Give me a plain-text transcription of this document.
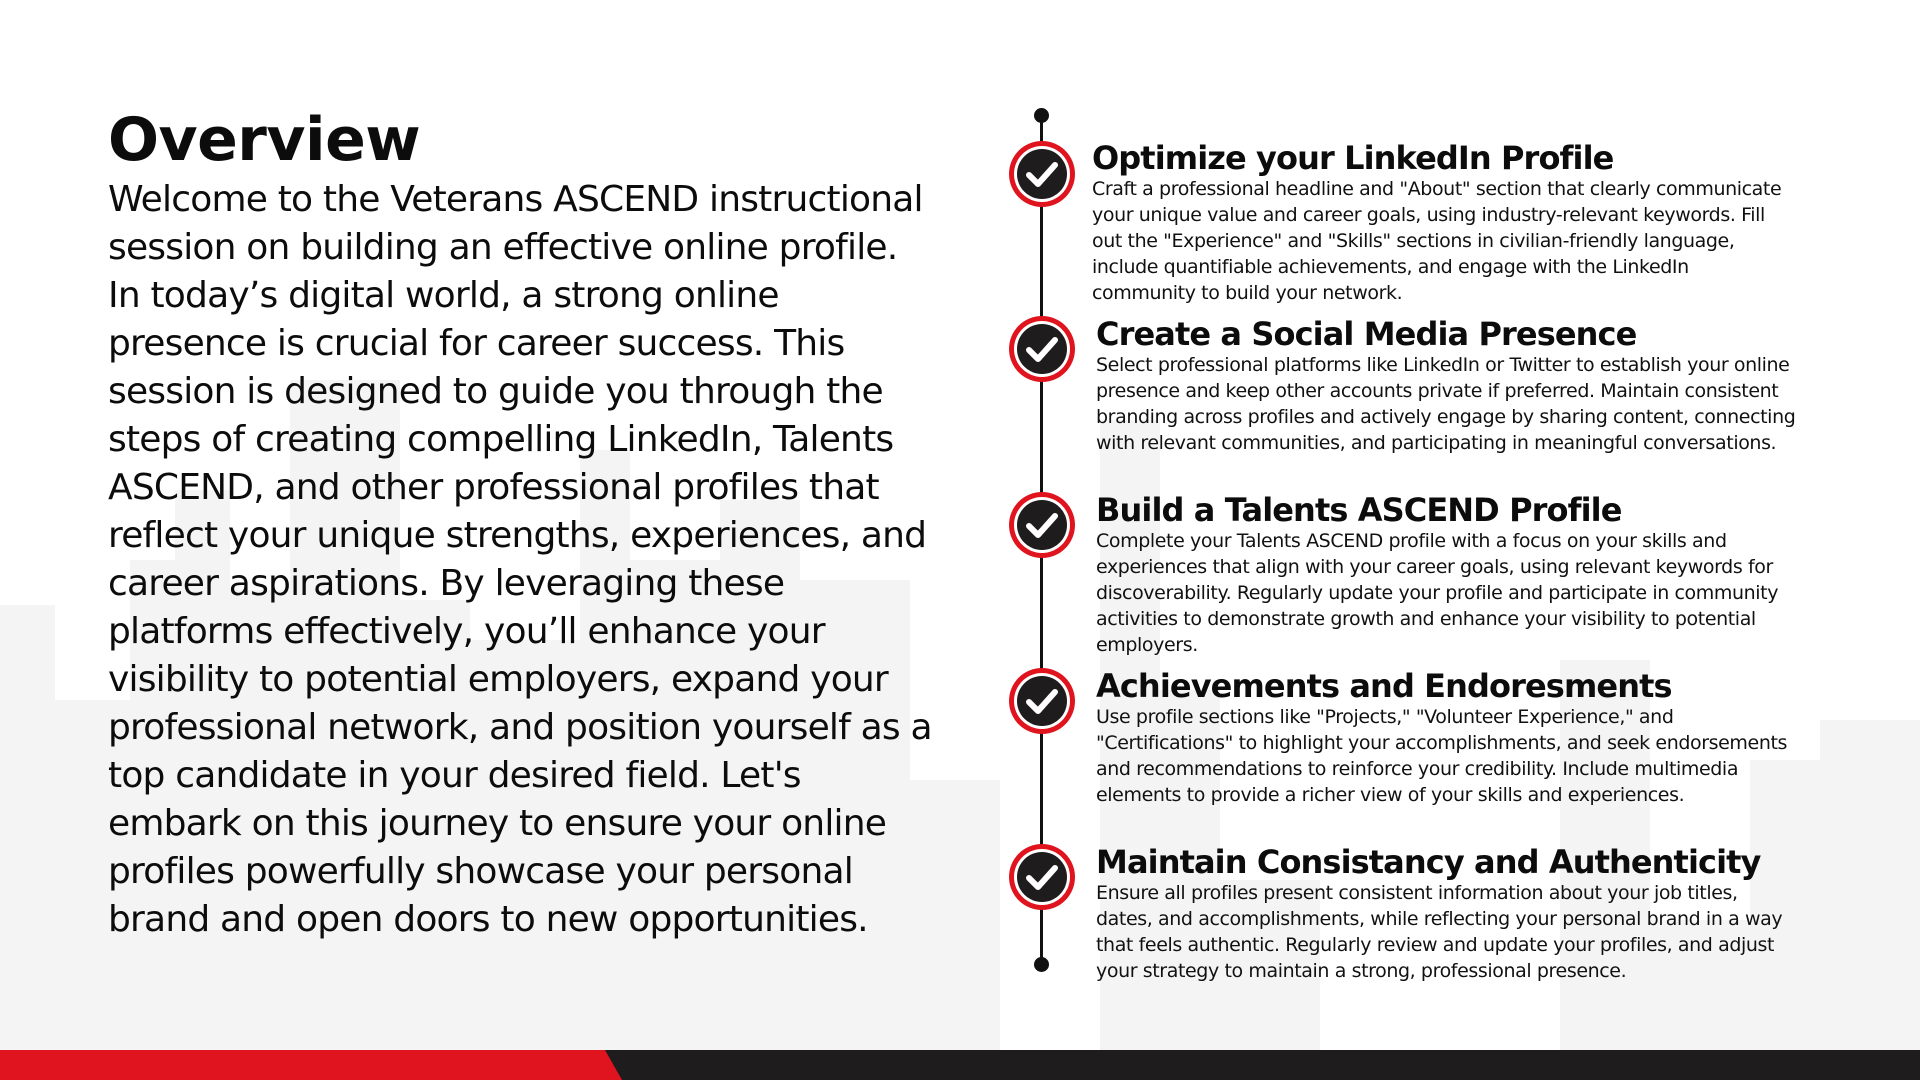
Overview

Welcome to the Veterans ASCEND instructional session on building an effective online profile. In today’s digital world, a strong online presence is crucial for career success. This session is designed to guide you through the steps of creating compelling LinkedIn, Talents ASCEND, and other professional profiles that reflect your unique strengths, experiences, and career aspirations. By leveraging these platforms effectively, you’ll enhance your visibility to potential employers, expand your professional network, and position yourself as a top candidate in your desired field. Let's embark on this journey to ensure your online profiles powerfully showcase your personal brand and open doors to new opportunities.

Optimize your LinkedIn Profile

Craft a professional headline and "About" section that clearly communicate your unique value and career goals, using industry-relevant keywords. Fill out the "Experience" and "Skills" sections in civilian-friendly language, include quantifiable achievements, and engage with the LinkedIn community to build your network.

Create a Social Media Presence

Select professional platforms like LinkedIn or Twitter to establish your online presence and keep other accounts private if preferred. Maintain consistent branding across profiles and actively engage by sharing content, connecting with relevant communities, and participating in meaningful conversations.

Build a Talents ASCEND Profile

Complete your Talents ASCEND profile with a focus on your skills and experiences that align with your career goals, using relevant keywords for discoverability. Regularly update your profile and participate in community activities to demonstrate growth and enhance your visibility to potential employers.

Achievements and Endoresments

Use profile sections like "Projects," "Volunteer Experience," and "Certifications" to highlight your accomplishments, and seek endorsements and recommendations to reinforce your credibility. Include multimedia elements to provide a richer view of your skills and experiences.

Maintain Consistancy and Authenticity

Ensure all profiles present consistent information about your job titles, dates, and accomplishments, while reflecting your personal brand in a way that feels authentic. Regularly review and update your profiles, and adjust your strategy to maintain a strong, professional presence.
